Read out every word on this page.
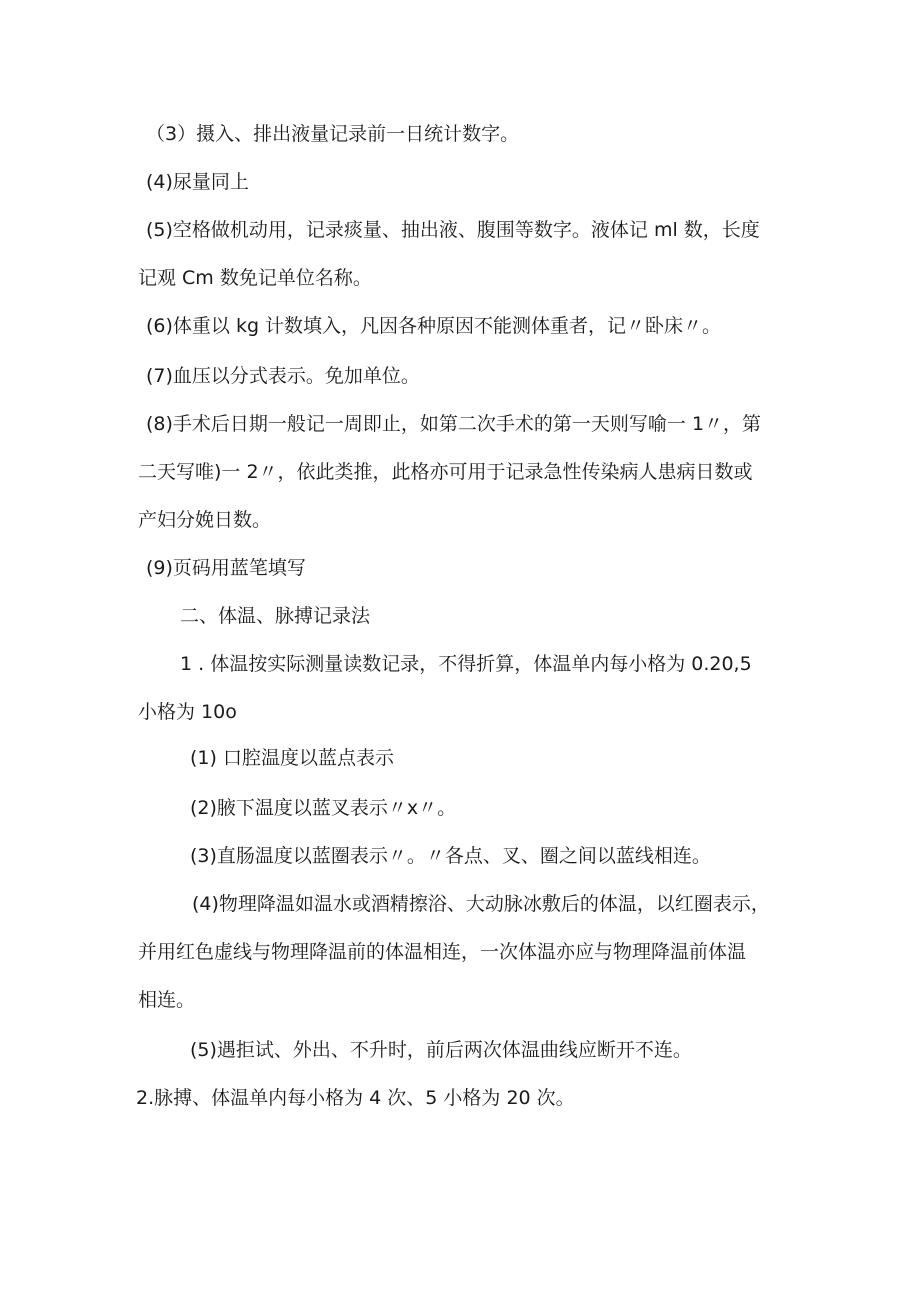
（3）摄入、排出液量记录前一日统计数字。
(4)尿量同上
(5)空格做机动用，记录痰量、抽出液、腹围等数字。液体记 ml 数，长度
记观 Cm 数免记单位名称。
(6)体重以 kg 计数填入，凡因各种原因不能测体重者，记〃卧床〃。
(7)血压以分式表示。免加单位。
(8)手术后日期一般记一周即止，如第二次手术的第一天则写喻一 1〃，第
二天写唯)一 2〃，依此类推，此格亦可用于记录急性传染病人患病日数或
产妇分娩日数。
(9)页码用蓝笔填写
二、体温、脉搏记录法
1 . 体温按实际测量读数记录，不得折算，体温单内每小格为 0.20,5
小格为 10o
(1) 口腔温度以蓝点表示
(2)腋下温度以蓝叉表示〃x〃。
(3)直肠温度以蓝圈表示〃。〃各点、叉、圈之间以蓝线相连。
(4)物理降温如温水或酒精擦浴、大动脉冰敷后的体温，以红圈表示，
并用红色虚线与物理降温前的体温相连，一次体温亦应与物理降温前体温
相连。
(5)遇拒试、外出、不升时，前后两次体温曲线应断开不连。
2.脉搏、体温单内每小格为 4 次、5 小格为 20 次。
